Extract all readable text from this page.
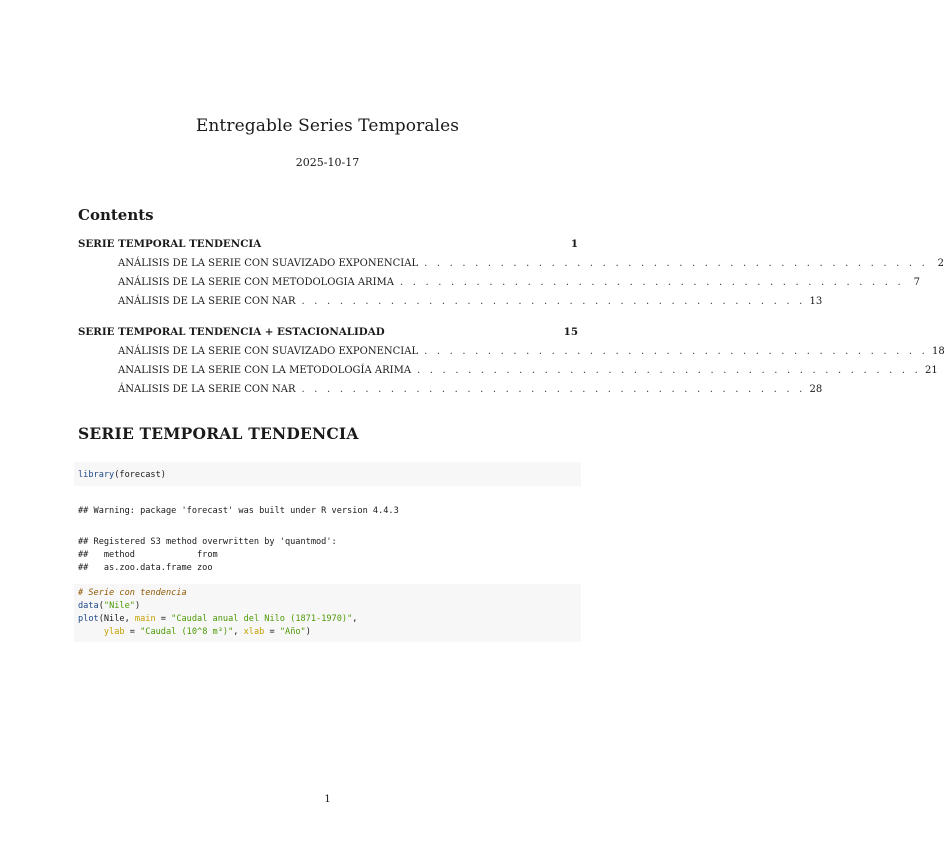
Entregable Series Temporales
2025-10-17
Contents
SERIE TEMPORAL TENDENCIA	1
ANÁLISIS DE LA SERIE CON SUAVIZADO EXPONENCIAL . . . . . . . . . . . . . . . . . . . . . . . . . . . . . . . . . . . . . . . . 2
ANÁLISIS DE LA SERIE CON METODOLOGIA ARIMA . . . . . . . . . . . . . . . . . . . . . . . . . . . . . . . . . . . . . . . . 7
ANÁLISIS DE LA SERIE CON NAR . . . . . . . . . . . . . . . . . . . . . . . . . . . . . . . . . . . . . . . . 13
SERIE TEMPORAL TENDENCIA + ESTACIONALIDAD	15
ANÁLISIS DE LA SERIE CON SUAVIZADO EXPONENCIAL . . . . . . . . . . . . . . . . . . . . . . . . . . . . . . . . . . . . . . . . 18
ANALISIS DE LA SERIE CON LA METODOLOGÍA ARIMA . . . . . . . . . . . . . . . . . . . . . . . . . . . . . . . . . . . . . . . . 21
ÁNALISIS DE LA SERIE CON NAR . . . . . . . . . . . . . . . . . . . . . . . . . . . . . . . . . . . . . . . . 28
SERIE TEMPORAL TENDENCIA
library(forecast)
## Warning: package 'forecast' was built under R version 4.4.3
## Registered S3 method overwritten by 'quantmod':
##   method            from
##   as.zoo.data.frame zoo
# Serie con tendencia
data("Nile")
plot(Nile, main = "Caudal anual del Nilo (1871-1970)",
ylab = "Caudal (10^8 m³)", xlab = "Año")
1
